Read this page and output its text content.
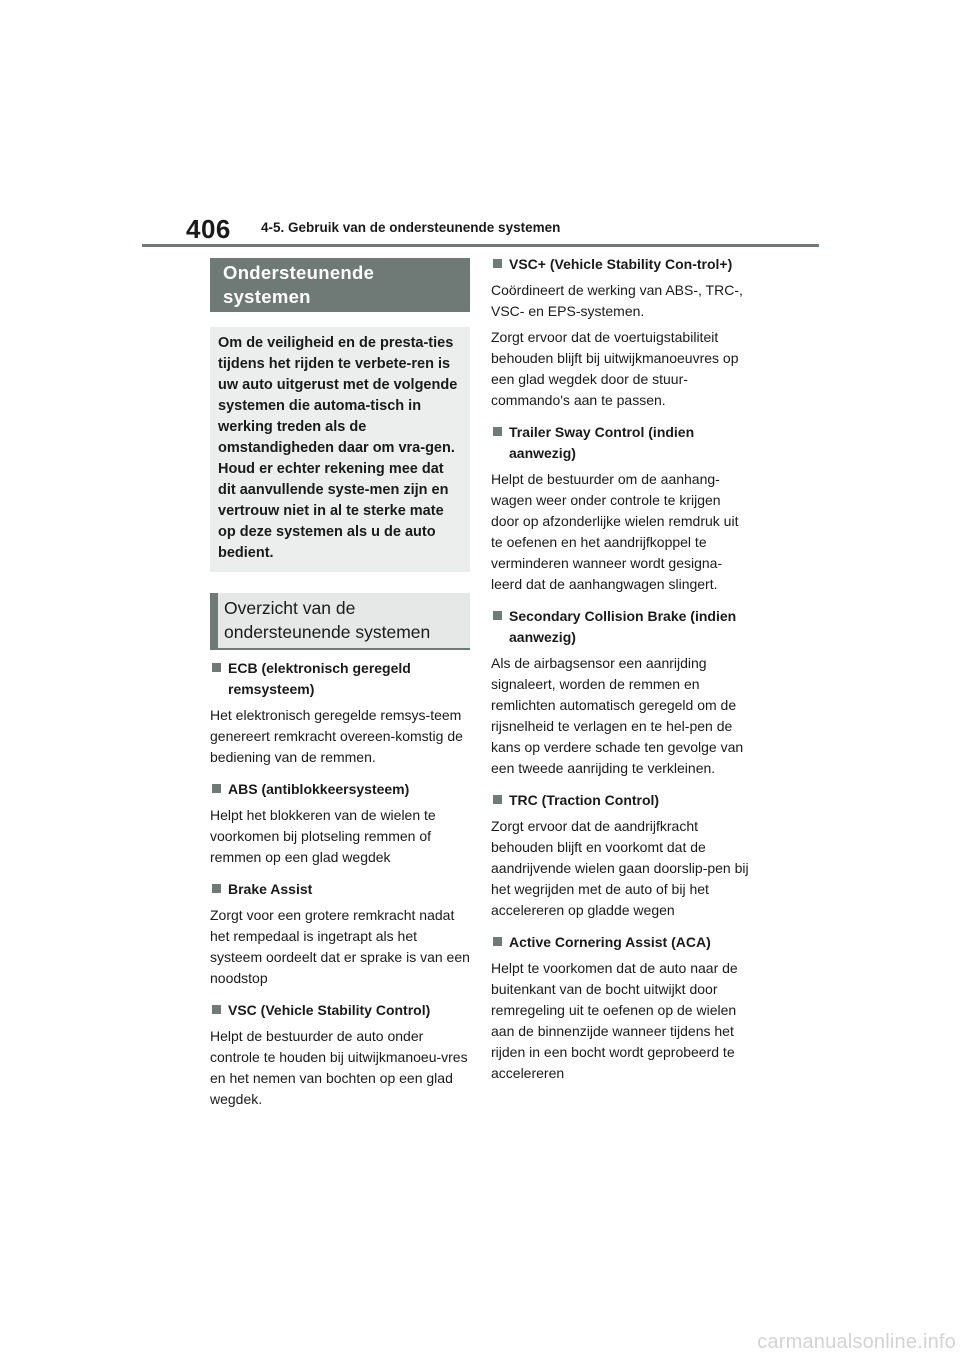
406 4-5. Gebruik van de ondersteunende systemen
Ondersteunende systemen
Om de veiligheid en de presta-ties tijdens het rijden te verbete-ren is uw auto uitgerust met de volgende systemen die automa-tisch in werking treden als de omstandigheden daar om vra-gen. Houd er echter rekening mee dat dit aanvullende syste-men zijn en vertrouw niet in al te sterke mate op deze systemen als u de auto bedient.
Overzicht van de ondersteunende systemen
ECB (elektronisch geregeld remsysteem)
Het elektronisch geregelde remsys-teem genereert remkracht overeen-komstig de bediening van de remmen.
ABS (antiblokkeersysteem)
Helpt het blokkeren van de wielen te voorkomen bij plotseling remmen of remmen op een glad wegdek
Brake Assist
Zorgt voor een grotere remkracht nadat het rempedaal is ingetrapt als het systeem oordeelt dat er sprake is van een noodstop
VSC (Vehicle Stability Control)
Helpt de bestuurder de auto onder controle te houden bij uitwijkmanoeu-vres en het nemen van bochten op een glad wegdek.
VSC+ (Vehicle Stability Con-trol+)
Coördineert de werking van ABS-, TRC-, VSC- en EPS-systemen.
Zorgt ervoor dat de voertuigstabiliteit behouden blijft bij uitwijkmanoeuvres op een glad wegdek door de stuur-commando's aan te passen.
Trailer Sway Control (indien aanwezig)
Helpt de bestuurder om de aanhang-wagen weer onder controle te krijgen door op afzonderlijke wielen remdruk uit te oefenen en het aandrijfkoppel te verminderen wanneer wordt gesigna-leerd dat de aanhangwagen slingert.
Secondary Collision Brake (indien aanwezig)
Als de airbagsensor een aanrijding signaleert, worden de remmen en remlichten automatisch geregeld om de rijsnelheid te verlagen en te hel-pen de kans op verdere schade ten gevolge van een tweede aanrijding te verkleinen.
TRC (Traction Control)
Zorgt ervoor dat de aandrijfkracht behouden blijft en voorkomt dat de aandrijvende wielen gaan doorslip-pen bij het wegrijden met de auto of bij het accelereren op gladde wegen
Active Cornering Assist (ACA)
Helpt te voorkomen dat de auto naar de buitenkant van de bocht uitwijkt door remregeling uit te oefenen op de wielen aan de binnenzijde wanneer tijdens het rijden in een bocht wordt geprobeerd te accelereren
carmanualsonline.info
